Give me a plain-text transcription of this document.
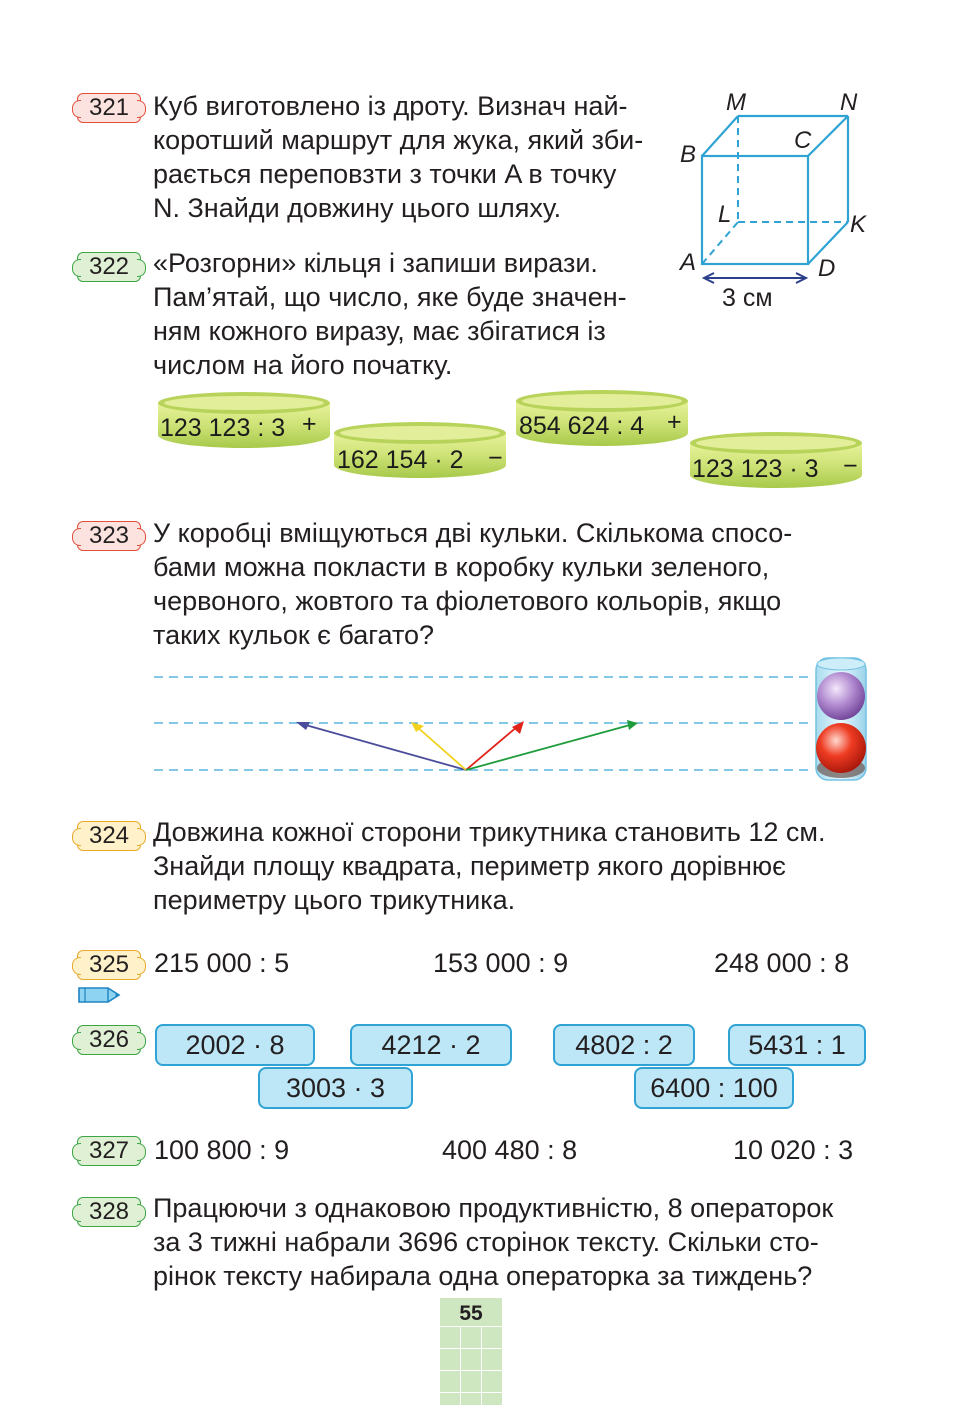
321 Куб виготовлено із дроту. Визнач най-
коротший маршрут для жука, який зби-
рається переповзти з точки A в точку
N. Знайди довжину цього шляху.
M	N
B
C
L	K
A	D
3 см
322 «Розгорни» кільця і запиши вирази.
Пам’ятай, що число, яке буде значен-
ням кожного виразу, має збігатися із
числом на його початку.
123 123 : 3 +
162 154 · 2 −
854 624 : 4 +
123 123 · 3 −
323 У коробці вміщуються дві кульки. Скількома спосо-
бами можна покласти в коробку кульки зеленого,
червоного, жовтого та фіолетового кольорів, якщо
таких кульок є багато?
324 Довжина кожної сторони трикутника становить 12 см.
Знайди площу квадрата, периметр якого дорівнює
периметру цього трикутника.
325 215 000 : 5	153 000 : 9	248 000 : 8
326	2002 · 8	4212 · 2
3003 · 3
4802 : 2	5431 : 1
6400 : 100
327 100 800 : 9	400 480 : 8	10 020 : 3
328 Працюючи з однаковою продуктивністю, 8 операторок
за 3 тижні набрали 3696 сторінок тексту. Скільки сто-
рінок тексту набирала одна операторка за тиждень?
55
